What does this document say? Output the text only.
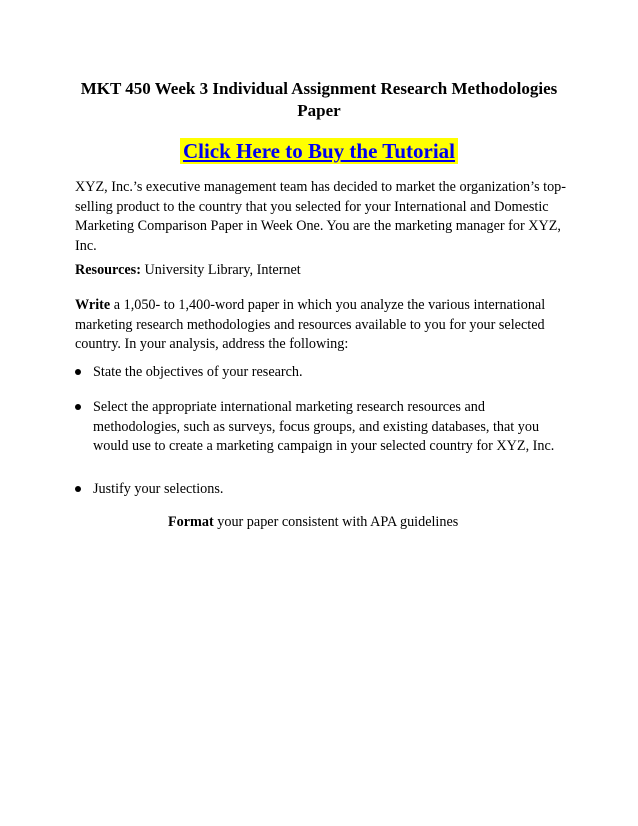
MKT 450 Week 3 Individual Assignment Research Methodologies Paper
Click Here to Buy the Tutorial

XYZ, Inc.’s executive management team has decided to market the organization’s top-selling product to the country that you selected for your International and Domestic Marketing Comparison Paper in Week One. You are the marketing manager for XYZ, Inc.

Resources: University Library, Internet

Write a 1,050- to 1,400-word paper in which you analyze the various international marketing research methodologies and resources available to you for your selected country. In your analysis, address the following:

State the objectives of your research.
Select the appropriate international marketing research resources and methodologies, such as surveys, focus groups, and existing databases, that you would use to create a marketing campaign in your selected country for XYZ, Inc.
Justify your selections.
Format your paper consistent with APA guidelines
